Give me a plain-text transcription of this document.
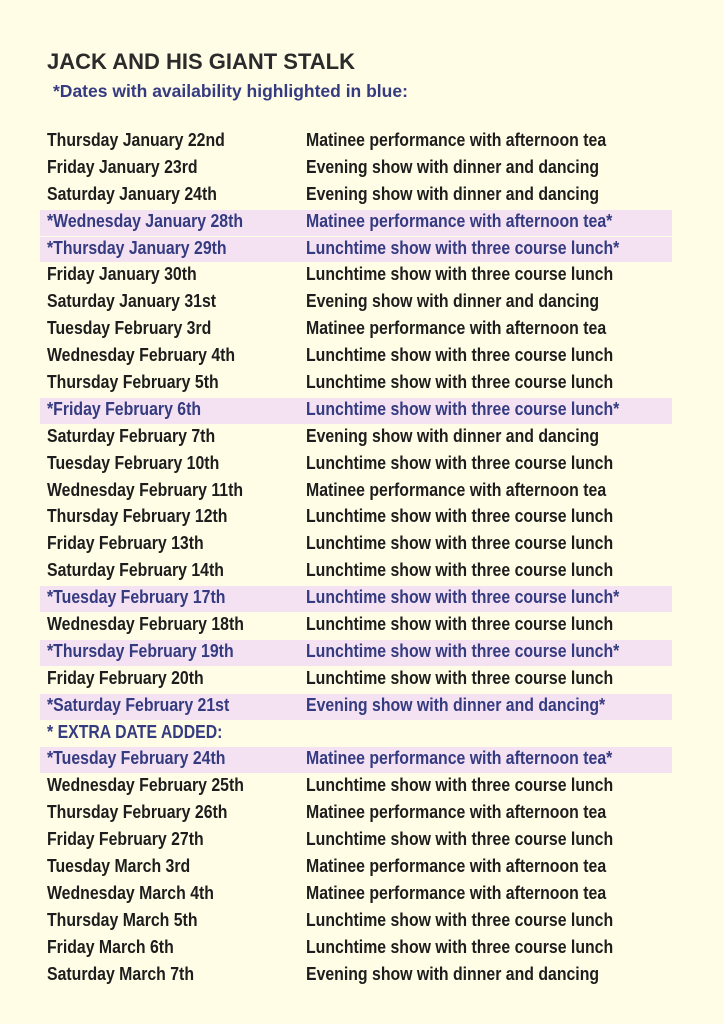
JACK AND HIS GIANT STALK
*Dates with availability highlighted in blue:
Thursday January 22nd	Matinee performance with afternoon tea
Friday January 23rd	Evening show with dinner and dancing
Saturday January 24th	Evening show with dinner and dancing
*Wednesday January 28th	Matinee performance with afternoon tea*
*Thursday January 29th	Lunchtime show with three course lunch*
Friday January 30th	Lunchtime show with three course lunch
Saturday January 31st	Evening show with dinner and dancing
Tuesday February 3rd	Matinee performance with afternoon tea
Wednesday February 4th	Lunchtime show with three course lunch
Thursday February 5th	Lunchtime show with three course lunch
*Friday February 6th	Lunchtime show with three course lunch*
Saturday February 7th	Evening show with dinner and dancing
Tuesday February 10th	Lunchtime show with three course lunch
Wednesday February 11th	Matinee performance with afternoon tea
Thursday February 12th	Lunchtime show with three course lunch
Friday February 13th	Lunchtime show with three course lunch
Saturday February 14th	Lunchtime show with three course lunch
*Tuesday February 17th	Lunchtime show with three course lunch*
Wednesday February 18th	Lunchtime show with three course lunch
*Thursday February 19th	Lunchtime show with three course lunch*
Friday February 20th	Lunchtime show with three course lunch
*Saturday February 21st	Evening show with dinner and dancing*
* EXTRA DATE ADDED:
*Tuesday February 24th	Matinee performance with afternoon tea*
Wednesday February 25th	Lunchtime show with three course lunch
Thursday February 26th	Matinee performance with afternoon tea
Friday February 27th	Lunchtime show with three course lunch
Tuesday March 3rd	Matinee performance with afternoon tea
Wednesday March 4th	Matinee performance with afternoon tea
Thursday March 5th	Lunchtime show with three course lunch
Friday March 6th	Lunchtime show with three course lunch
Saturday March 7th	Evening show with dinner and dancing
